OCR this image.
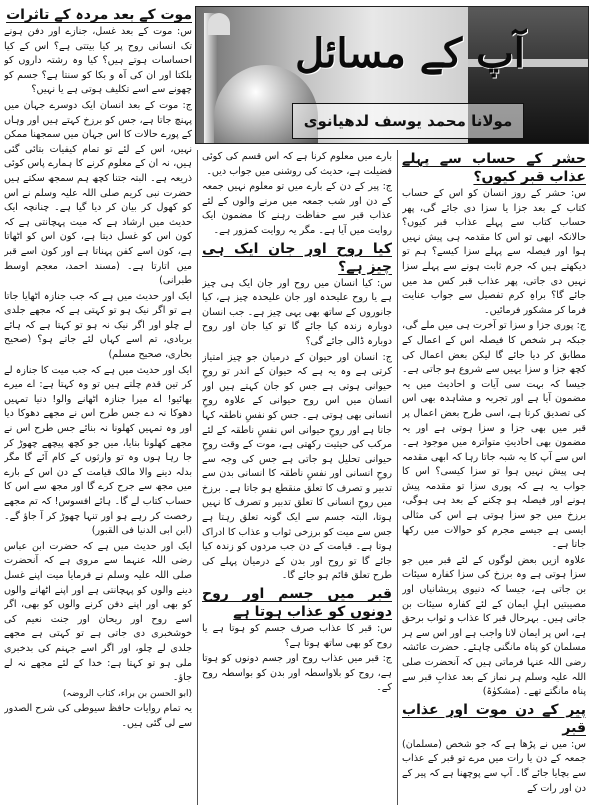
آپ کے مسائل
مولانا محمد یوسف لدھیانوی

حشر کے حساب سے پہلے عذاب قبر کیوں؟

س: حشر کے روز انسان کو اس کے حساب کتاب کے بعد جزا یا سزا دی جائے گی، پھر حساب کتاب سے پہلے عذاب قبر کیوں؟ حالانکہ ابھی تو اس کا مقدمہ ہی پیش نہیں ہوا اور فیصلہ سے پہلے سزا کیسے؟ ہم تو دیکھتے ہیں کہ جرم ثابت ہونے سے پہلے سزا نہیں دی جاتی، پھر عذاب قبر کس مد میں جائے گا؟ براہِ کرم تفصیل سے جواب عنایت فرما کر مشکور فرمائیں۔

ج: پوری جزا و سزا تو آخرت ہی میں ملے گی، جبکہ ہر شخص کا فیصلہ اس کے اعمال کے مطابق کر دیا جائے گا لیکن بعض اعمال کی کچھ جزا و سزا یہیں سے شروع ہو جاتی ہے۔ جیسا کہ بہت سی آیات و احادیث میں یہ مضمون آیا ہے اور تجربہ و مشاہدہ بھی اس کی تصدیق کرتا ہے، اسی طرح بعض اعمال پر قبر میں بھی جزا و سزا ہوتی ہے اور یہ مضمون بھی احادیثِ متواترہ میں موجود ہے۔ اس سے آپ کا یہ شبہ جاتا رہا کہ ابھی مقدمہ ہی پیش نہیں ہوا تو سزا کیسی؟ اس کا جواب یہ ہے کہ پوری سزا تو مقدمہ پیش ہونے اور فیصلہ ہو چکنے کے بعد ہی ہوگی، برزخ میں جو سزا ہوتی ہے اس کی مثالی ایسی ہے جیسے مجرم کو حوالات میں رکھا جاتا ہے۔

علاوہ ازیں بعض لوگوں کے لئے قبر میں جو سزا ہوتی ہے وہ برزخ کی سزا کفارہ سیئات بن جاتی ہے، جیسا کہ دنیوی پریشانیاں اور مصیبتیں اہلِ ایمان کے لئے کفارہ سیئات بن جاتی ہیں۔ بہرحال قبر کا عذاب و ثواب برحق ہے، اس پر ایمان لانا واجب ہے اور اس سے ہر مسلمان کو پناہ مانگنی چاہئے۔ حضرت عائشہ رضی اللہ عنہا فرماتی ہیں کہ آنحضرت صلی اللہ علیہ وسلم ہر نماز کے بعد عذابِ قبر سے پناہ مانگتے تھے۔ (مشکوٰۃ)

پیر کے دن موت اور عذاب قبر

س: میں نے پڑھا ہے کہ جو شخص (مسلمان) جمعہ کے دن یا رات میں مرے تو قبر کے عذاب سے بچایا جائے گا۔ آپ سے پوچھنا ہے کہ پیر کے دن اور رات کے

بارے میں معلوم کرنا ہے کہ اس قسم کی کوئی فضیلت ہے، حدیث کی روشنی میں جواب دیں۔

ج: پیر کے دن کے بارے میں تو معلوم نہیں جمعہ کے دن اور شب جمعہ میں مرنے والوں کے لئے عذاب قبر سے حفاظت رہنے کا مضمون ایک روایت میں آیا ہے۔ مگر یہ روایت کمزور ہے۔

کیا روح اور جان ایک ہی چیز ہے؟

س: کیا انسان میں روح اور جان ایک ہی چیز ہے یا روح علیحدہ اور جان علیحدہ چیز ہے، کیا جانوروں کے ساتھ بھی یہی چیز ہے۔ جب انسان دوبارہ زندہ کیا جائے گا تو کیا جان اور روح دوبارہ ڈالی جائے گی؟

ج: انسان اور حیوان کے درمیان جو چیز امتیاز کرتی ہے وہ یہ ہے کہ حیوان کے اندر تو روحِ حیوانی ہوتی ہے جس کو جان کہتے ہیں اور انسان میں اس روح حیوانی کے علاوہ روحِ انسانی بھی ہوتی ہے۔ جس کو نفسِ ناطقہ کہا جاتا ہے اور روحِ حیوانی اس نفسِ ناطقہ کے لئے مرکب کی حیثیت رکھتی ہے، موت کے وقت روحِ حیوانی تحلیل ہو جاتی ہے جس کی وجہ سے روحِ انسانی اور نفسِ ناطقہ کا انسانی بدن سے تدبیر و تصرف کا تعلق منقطع ہو جاتا ہے۔ برزخ میں روحِ انسانی کا تعلق تدبیر و تصرف کا نہیں ہوتا، البتہ جسم سے ایک گونہ تعلق رہتا ہے جس سے میت کو برزخی ثواب و عذاب کا ادراک ہوتا ہے۔ قیامت کے دن جب مردوں کو زندہ کیا جائے گا تو روح اور بدن کے درمیان پہلے کی طرح تعلق قائم ہو جائے گا۔

قبر میں جسم اور روح دونوں کو عذاب ہوتا ہے

س: قبر کا عذاب صرف جسم کو ہوتا ہے یا روح کو بھی ساتھ ہوتا ہے؟

ج: قبر میں عذاب روح اور جسم دونوں کو ہوتا ہے، روح کو بلاواسطہ اور بدن کو بواسطہ روح کے۔

موت کے بعد مردہ کے تاثرات

س: موت کے بعد غسل، جنازے اور دفن ہونے تک انسانی روح پر کیا بیتتی ہے؟ اس کے کیا احساسات ہوتے ہیں؟ کیا وہ رشتہ داروں کو بلکتا اور ان کی آہ و بکا کو سنتا ہے؟ جسم کو چھونے سے اسے تکلیف ہوتی ہے یا نہیں؟

ج: موت کے بعد انسان ایک دوسرے جہان میں پہنچ جاتا ہے، جس کو برزخ کہتے ہیں اور وہاں کے پورے حالات کا اس جہان میں سمجھنا ممکن نہیں، اس کے لئے تو تمام کیفیات بتائی گئی ہیں، نہ ان کے معلوم کرنے کا ہمارے پاس کوئی ذریعہ ہے۔ البتہ جتنا کچھ ہم سمجھ سکتے ہیں حضرت نبی کریم صلی اللہ علیہ وسلم نے اس کو کھول کر بیان کر دیا گیا ہے۔ چنانچہ ایک حدیث میں ارشاد ہے کہ میت پہچانتی ہے کہ کون اس کو غسل دیتا ہے، کون اس کو اٹھاتا ہے، کون اسے کفن پہناتا ہے اور کون اسے قبر میں اتارتا ہے۔ (مسند احمد، معجم اوسط طبرانی)

ایک اور حدیث میں ہے کہ جب جنازہ اٹھایا جاتا ہے تو اگر نیک ہو تو کہتی ہے کہ مجھے جلدی لے چلو اور اگر نیک نہ ہو تو کہتا ہے کہ ہائے بربادی، تم اسے کہاں لئے جاتے ہو؟ (صحیح بخاری، صحیح مسلم)

ایک اور حدیث میں ہے کہ جب میت کا جنازہ لے کر تین قدم چلتے ہیں تو وہ کہتا ہے: اے میرے بھائیو! اے میرا جنازہ اٹھانے والو! دنیا تمہیں دھوکا نہ دے جس طرح اس نے مجھے دھوکا دیا اور وہ تمہیں کھلونا نہ بنائے جس طرح اس نے مجھے کھلونا بنایا، میں جو کچھ پیچھے چھوڑ کر جا رہا ہوں وہ تو وارثوں کے کام آئے گا مگر بدلہ دینے والا مالک قیامت کے دن اس کے بارے میں مجھ سے جرح کرے گا اور مجھ سے اس کا حساب کتاب لے گا۔ ہائے افسوس! کہ تم مجھے رخصت کر رہے ہو اور تنہا چھوڑ کر آ جاؤ گے۔ (ابن ابی الدنیا فی القبور)

ایک اور حدیث میں ہے کہ حضرت ابن عباس رضی اللہ عنہما سے مروی ہے کہ آنحضرت صلی اللہ علیہ وسلم نے فرمایا میت اپنے غسل دینے والوں کو پہچانتی ہے اور اپنے اٹھانے والوں کو بھی اور اپنے دفن کرنے والوں کو بھی، اگر اسے روح اور ریحان اور جنت نعیم کی خوشخبری دی جاتی ہے تو کہتی ہے مجھے جلدی لے چلو، اور اگر اسے جہنم کی بدخبری ملی ہو تو کہتا ہے: خدا کے لئے مجھے نہ لے جاؤ۔

(ابو الحسن بن براء، کتاب الروضہ)

یہ تمام روایات حافظ سیوطی کی شرح الصدور سے لی گئی ہیں۔
